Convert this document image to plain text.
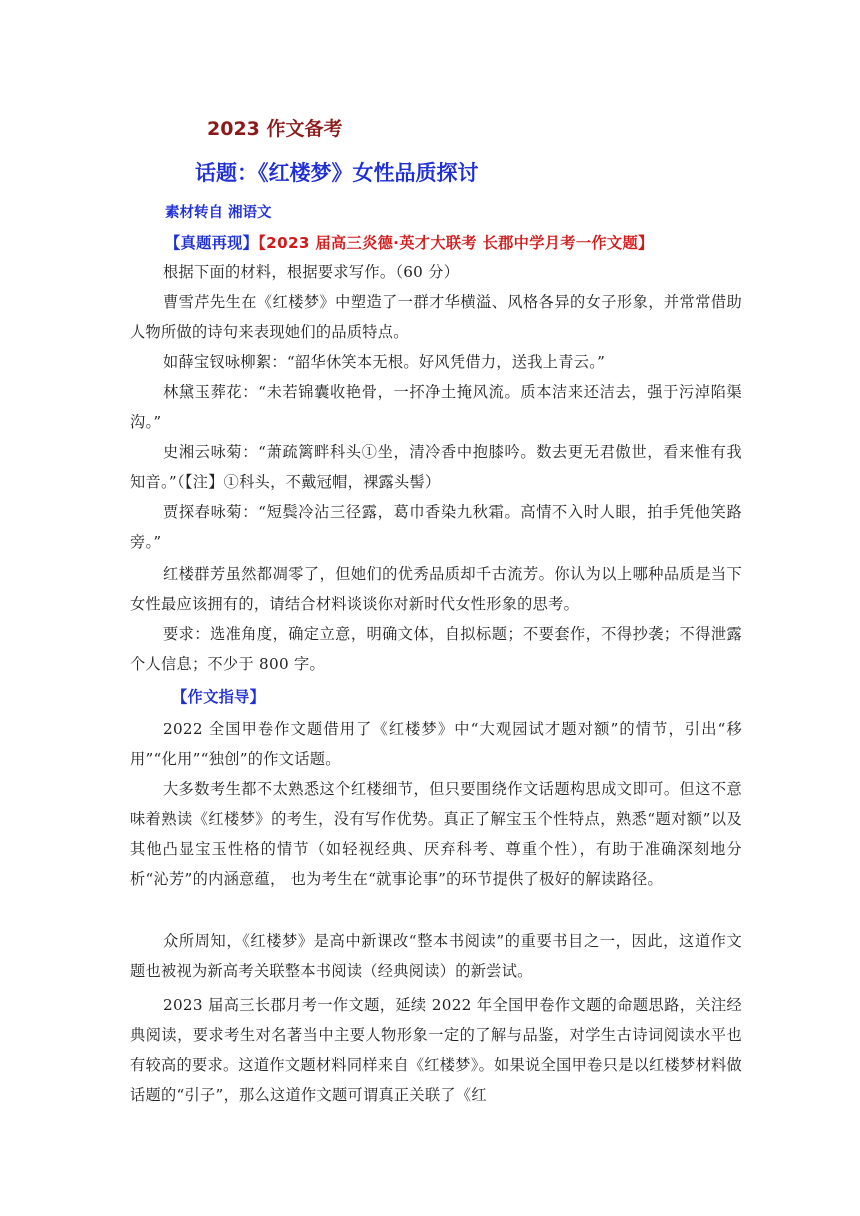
2023 作文备考
话题：《红楼梦》女性品质探讨
素材转自 湘语文
【真题再现】【2023 届高三炎德·英才大联考 长郡中学月考一作文题】
根据下面的材料，根据要求写作。（60 分）
曹雪芹先生在《红楼梦》中塑造了一群才华横溢、风格各异的女子形象，并常常借助人物所做的诗句来表现她们的品质特点。
如薛宝钗咏柳絮：“韶华休笑本无根。好风凭借力，送我上青云。”
林黛玉葬花：“未若锦囊收艳骨，一抔净土掩风流。质本洁来还洁去，强于污淖陷渠沟。”
史湘云咏菊：“萧疏篱畔科头①坐，清冷香中抱膝吟。数去更无君傲世，看来惟有我知音。”（【注】①科头，不戴冠帽，裸露头髻）
贾探春咏菊：“短鬓冷沾三径露，葛巾香染九秋霜。高情不入时人眼，拍手凭他笑路旁。”
红楼群芳虽然都凋零了，但她们的优秀品质却千古流芳。你认为以上哪种品质是当下女性最应该拥有的，请结合材料谈谈你对新时代女性形象的思考。
要求：选准角度，确定立意，明确文体，自拟标题；不要套作，不得抄袭；不得泄露个人信息；不少于 800 字。
【作文指导】
2022 全国甲卷作文题借用了《红楼梦》中“大观园试才题对额”的情节，引出“移用”“化用”“独创”的作文话题。
大多数考生都不太熟悉这个红楼细节，但只要围绕作文话题构思成文即可。但这不意味着熟读《红楼梦》的考生，没有写作优势。真正了解宝玉个性特点，熟悉“题对额”以及其他凸显宝玉性格的情节（如轻视经典、厌弃科考、尊重个性），有助于准确深刻地分析“沁芳”的内涵意蕴， 也为考生在“就事论事”的环节提供了极好的解读路径。
众所周知，《红楼梦》是高中新课改“整本书阅读”的重要书目之一，因此，这道作文题也被视为新高考关联整本书阅读（经典阅读）的新尝试。
2023 届高三长郡月考一作文题，延续 2022 年全国甲卷作文题的命题思路，关注经典阅读，要求考生对名著当中主要人物形象一定的了解与品鉴，对学生古诗词阅读水平也有较高的要求。这道作文题材料同样来自《红楼梦》。如果说全国甲卷只是以红楼梦材料做话题的“引子”，那么这道作文题可谓真正关联了《红
